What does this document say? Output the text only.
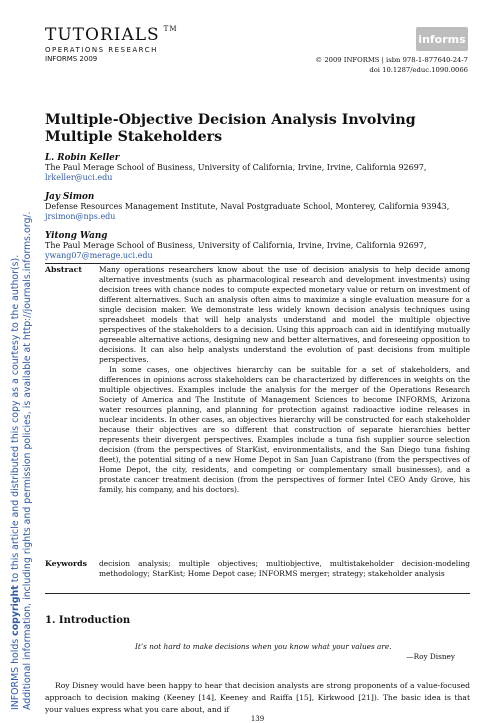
INFORMS holds copyright to this article and distributed this copy as a courtesy to the author(s). Additional information, including rights and permission policies, is available at http://journals.informs.org/.
TUTORIALS ™
OPERATIONS RESEARCH
INFORMS 2009
informs
© 2009 INFORMS | isbn 978-1-877640-24-7
doi 10.1287/educ.1090.0066
Multiple-Objective Decision Analysis Involving Multiple Stakeholders
L. Robin Keller
The Paul Merage School of Business, University of California, Irvine, Irvine, California 92697,
lrkeller@uci.edu
Jay Simon
Defense Resources Management Institute, Naval Postgraduate School, Monterey, California 93943,
jrsimon@nps.edu
Yitong Wang
The Paul Merage School of Business, University of California, Irvine, Irvine, California 92697,
ywang07@merage.uci.edu
Abstract	Many operations researchers know about the use of decision analysis to help decide among alternative investments (such as pharmacological research and development investments) using decision trees with chance nodes to compute expected monetary value or return on investment of different alternatives. Such an analysis often aims to maximize a single evaluation measure for a single decision maker. We demonstrate less widely known decision analysis techniques using spreadsheet models that will help analysts understand and model the multiple objective perspectives of the stakeholders to a decision. Using this approach can aid in identifying mutually agreeable alternative actions, designing new and better alternatives, and foreseeing opposition to decisions. It can also help analysts understand the evolution of past decisions from multiple perspectives.

In some cases, one objectives hierarchy can be suitable for a set of stakeholders, and differences in opinions across stakeholders can be characterized by differences in weights on the multiple objectives. Examples include the analysis for the merger of the Operations Research Society of America and The Institute of Management Sciences to become INFORMS, Arizona water resources planning, and planning for protection against radioactive iodine releases in nuclear incidents. In other cases, an objectives hierarchy will be constructed for each stakeholder because their objectives are so different that construction of separate hierarchies better represents their divergent perspectives. Examples include a tuna fish supplier source selection decision (from the perspectives of StarKist, environmentalists, and the San Diego tuna fishing fleet), the potential siting of a new Home Depot in San Juan Capistrano (from the perspectives of Home Depot, the city, residents, and competing or complementary small businesses), and a prostate cancer treatment decision (from the perspectives of former Intel CEO Andy Grove, his family, his company, and his doctors).

Keywords	decision analysis; multiple objectives; multiobjective, multistakeholder decision-modeling methodology; StarKist; Home Depot case; INFORMS merger; strategy; stakeholder analysis
1. Introduction
It’s not hard to make decisions when you know what your values are.
—Roy Disney
Roy Disney would have been happy to hear that decision analysts are strong proponents of a value-focused approach to decision making (Keeney [14], Keeney and Raiffa [15], Kirkwood [21]). The basic idea is that your values express what you care about, and if
139
